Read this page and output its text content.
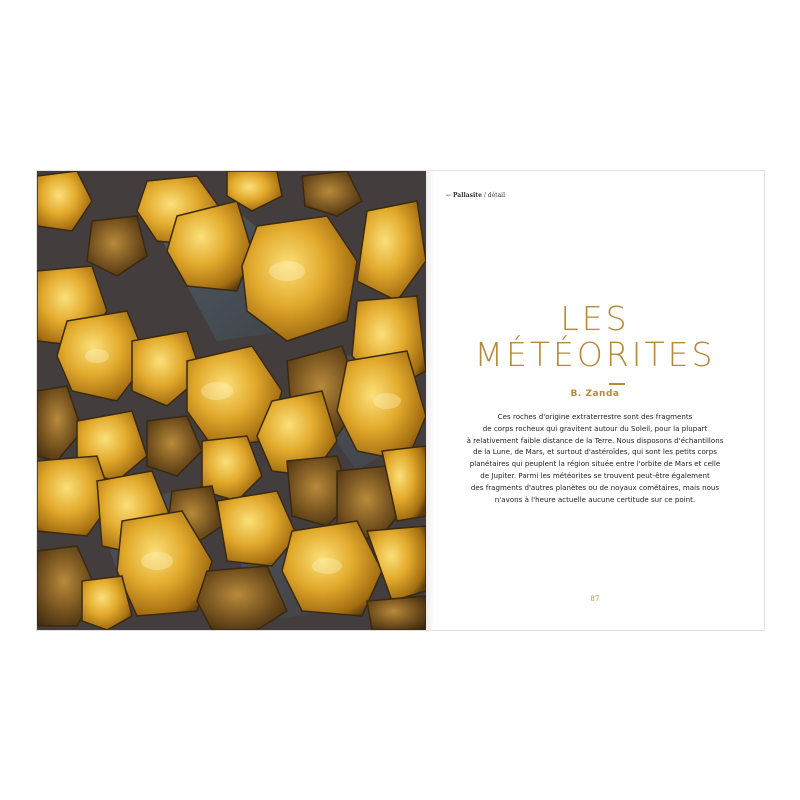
← Pallasite / détail
LES
MÉTÉORITES
B. Zanda
Ces roches d'origine extraterrestre sont des fragments
de corps rocheux qui gravitent autour du Soleil, pour la plupart
à relativement faible distance de la Terre. Nous disposons d'échantillons
de la Lune, de Mars, et surtout d'astéroïdes, qui sont les petits corps
planétaires qui peuplent la région située entre l'orbite de Mars et celle
de Jupiter. Parmi les météorites se trouvent peut-être également
des fragments d'autres planètes ou de noyaux cométaires, mais nous
n'avons à l'heure actuelle aucune certitude sur ce point.
87
